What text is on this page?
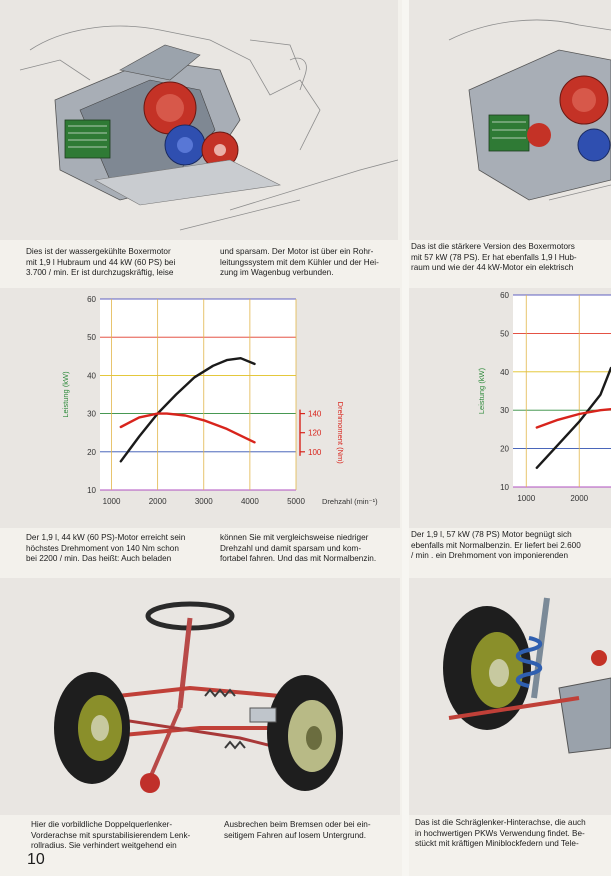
Dies ist der wassergekühlte Boxermotor
mit 1,9 l Hubraum und 44 kW (60 PS) bei
3.700 / min. Er ist durchzugskräftig, leise
und sparsam. Der Motor ist über ein Rohr-
leitungssystem mit dem Kühler und der Hei-
zung im Wagenbug verbunden.
Das ist die stärkere Version des Boxermotors
mit 57 kW (78 PS). Er hat ebenfalls 1,9 l Hub-
raum und wie der 44 kW-Motor ein elektrisch
10
20
30
40
50
60
1000	2000	3000	4000	5000
Leistung (kW)
Drehzahl (min⁻¹)
100
120
140 Drehmoment (Nm)
10
20
30
40
50
60
1000	2000
Leistung (kW)
Der 1,9 l, 44 kW (60 PS)-Motor erreicht sein
höchstes Drehmoment von 140 Nm schon
bei 2200 / min. Das heißt: Auch beladen
können Sie mit vergleichsweise niedriger
Drehzahl und damit sparsam und kom-
fortabel fahren. Und das mit Normalbenzin.
Der 1,9 l, 57 kW (78 PS) Motor begnügt sich
ebenfalls mit Normalbenzin. Er liefert bei 2.600
/ min . ein Drehmoment von imponierenden
Hier die vorbildliche Doppelquerlenker-
Vorderachse mit spurstabilisierendem Lenk-
rollradius. Sie verhindert weitgehend ein
Ausbrechen beim Bremsen oder bei ein-
seitigem Fahren auf losem Untergrund.
Das ist die Schräglenker-Hinterachse, die auch
in hochwertigen PKWs Verwendung findet. Be-
stückt mit kräftigen Miniblockfedern und Tele-
10
